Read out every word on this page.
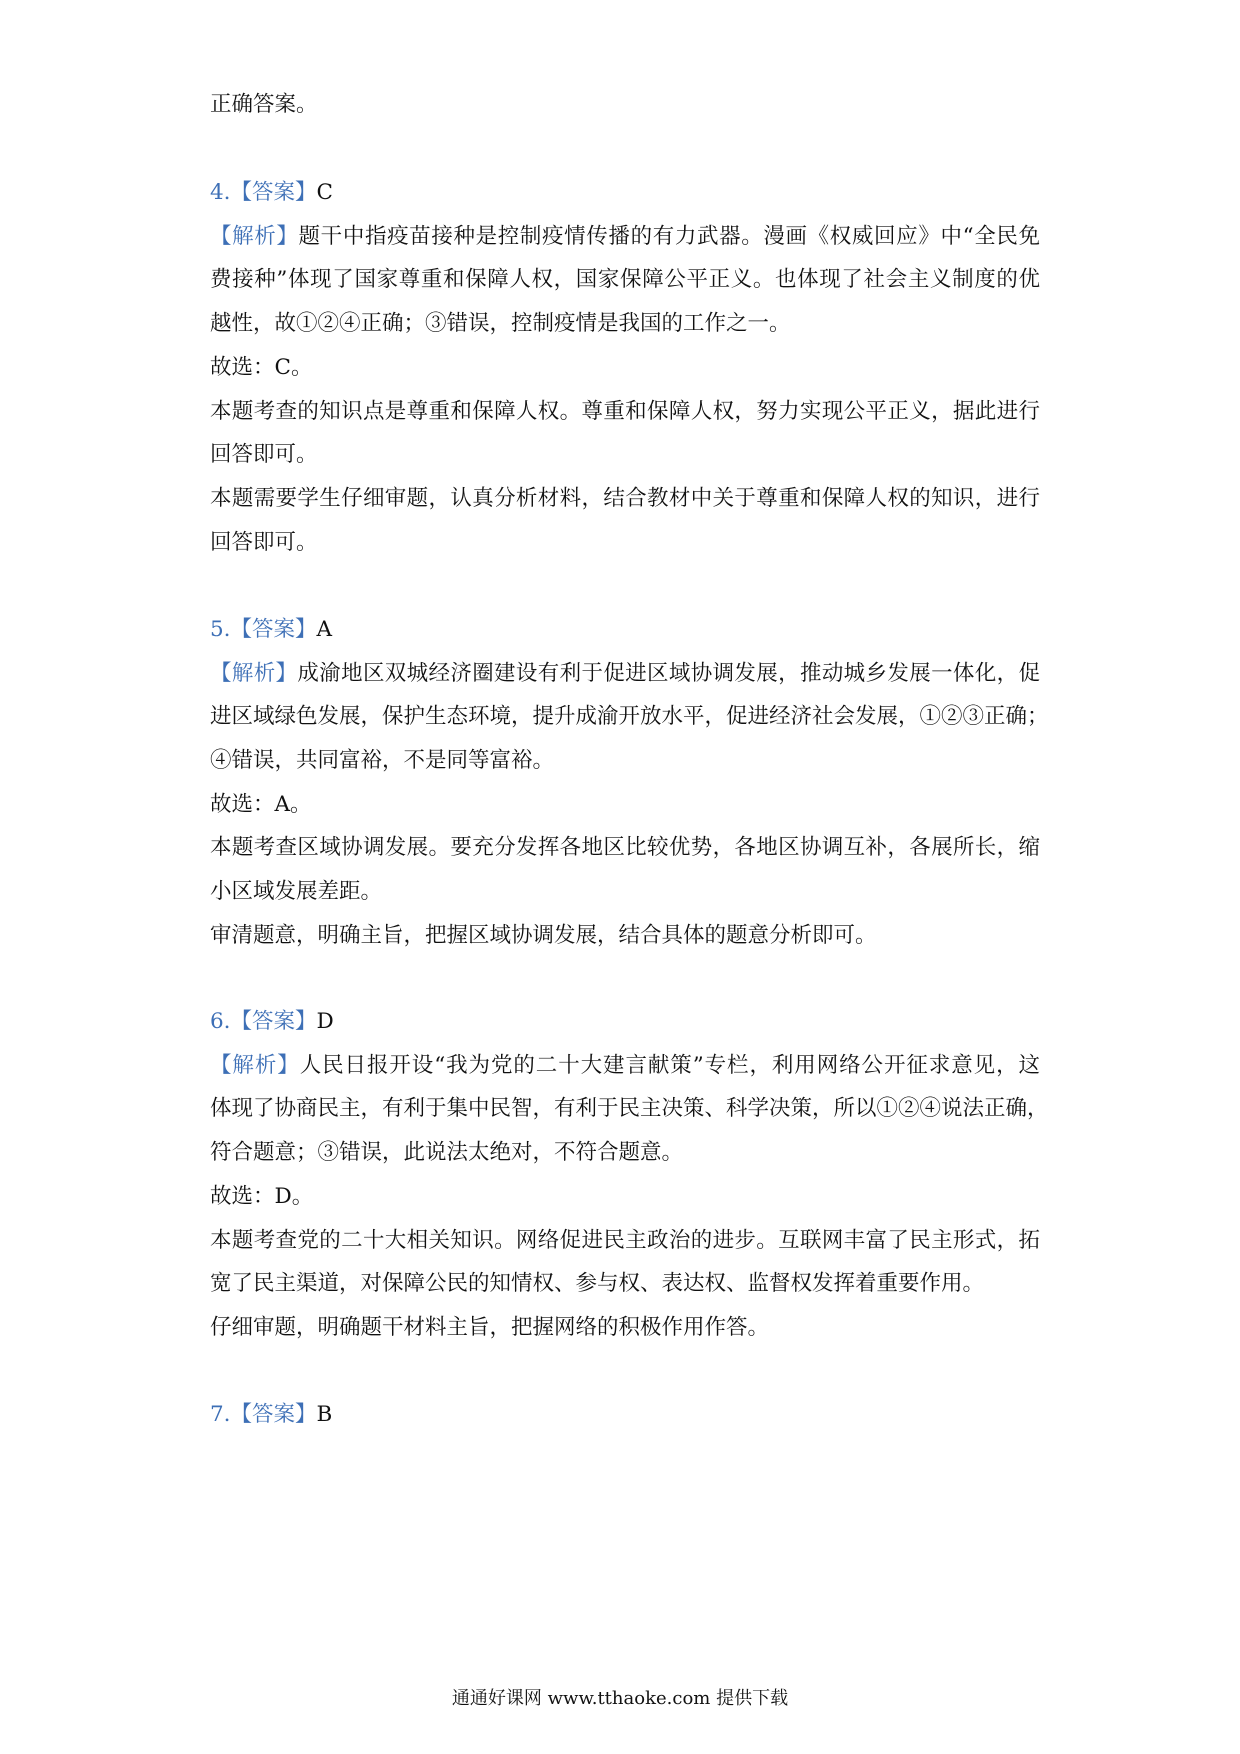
正确答案。
4.【答案】C
【解析】题干中指疫苗接种是控制疫情传播的有力武器。漫画《权威回应》中“全民免
费接种”体现了国家尊重和保障人权，国家保障公平正义。也体现了社会主义制度的优
越性，故①②④正确；③错误，控制疫情是我国的工作之一。
故选：C。
本题考查的知识点是尊重和保障人权。尊重和保障人权，努力实现公平正义，据此进行
回答即可。
本题需要学生仔细审题，认真分析材料，结合教材中关于尊重和保障人权的知识，进行
回答即可。
5.【答案】A
【解析】成渝地区双城经济圈建设有利于促进区域协调发展，推动城乡发展一体化，促
进区域绿色发展，保护生态环境，提升成渝开放水平，促进经济社会发展，①②③正确；
④错误，共同富裕，不是同等富裕。
故选：A。
本题考查区域协调发展。要充分发挥各地区比较优势，各地区协调互补，各展所长，缩
小区域发展差距。
审清题意，明确主旨，把握区域协调发展，结合具体的题意分析即可。
6.【答案】D
【解析】人民日报开设“我为党的二十大建言献策”专栏，利用网络公开征求意见，这
体现了协商民主，有利于集中民智，有利于民主决策、科学决策，所以①②④说法正确，
符合题意；③错误，此说法太绝对，不符合题意。
故选：D。
本题考查党的二十大相关知识。网络促进民主政治的进步。互联网丰富了民主形式，拓
宽了民主渠道，对保障公民的知情权、参与权、表达权、监督权发挥着重要作用。
仔细审题，明确题干材料主旨，把握网络的积极作用作答。
7.【答案】B
通通好课网 www.tthaoke.com 提供下载
